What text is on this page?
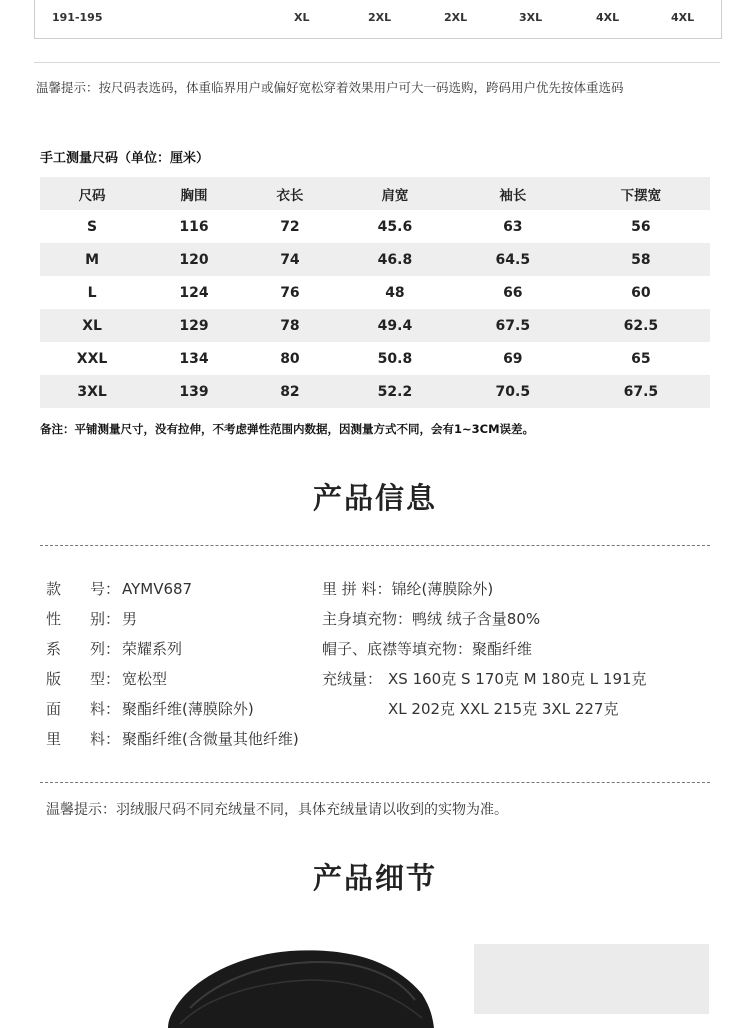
191-195	XL	2XL	2XL	3XL	4XL	4XL
温馨提示：按尺码表选码，体重临界用户或偏好宽松穿着效果用户可大一码选购，跨码用户优先按体重选码
手工测量尺码（单位：厘米）
尺码	胸围	衣长	肩宽	袖长	下摆宽
S	116	72	45.6	63	56
M	120	74	46.8	64.5	58
L	124	76	48	66	60
XL	129	78	49.4	67.5	62.5
XXL	134	80	50.8	69	65
3XL	139	82	52.2	70.5	67.5
备注：平铺测量尺寸，没有拉伸，不考虑弹性范围内数据，因测量方式不同，会有1~3CM误差。
产品信息
款 号： AYMV687
性 别： 男
系 列： 荣耀系列
版 型： 宽松型
面 料： 聚酯纤维(薄膜除外)
里 料： 聚酯纤维(含微量其他纤维)
里 拼 料：锦纶(薄膜除外)
主身填充物：鸭绒 绒子含量80%
帽子、底襟等填充物：聚酯纤维
充绒量： XS 160克 S 170克 M 180克 L 191克
XL 202克 XXL 215克 3XL 227克
温馨提示：羽绒服尺码不同充绒量不同，具体充绒量请以收到的实物为准。
产品细节
